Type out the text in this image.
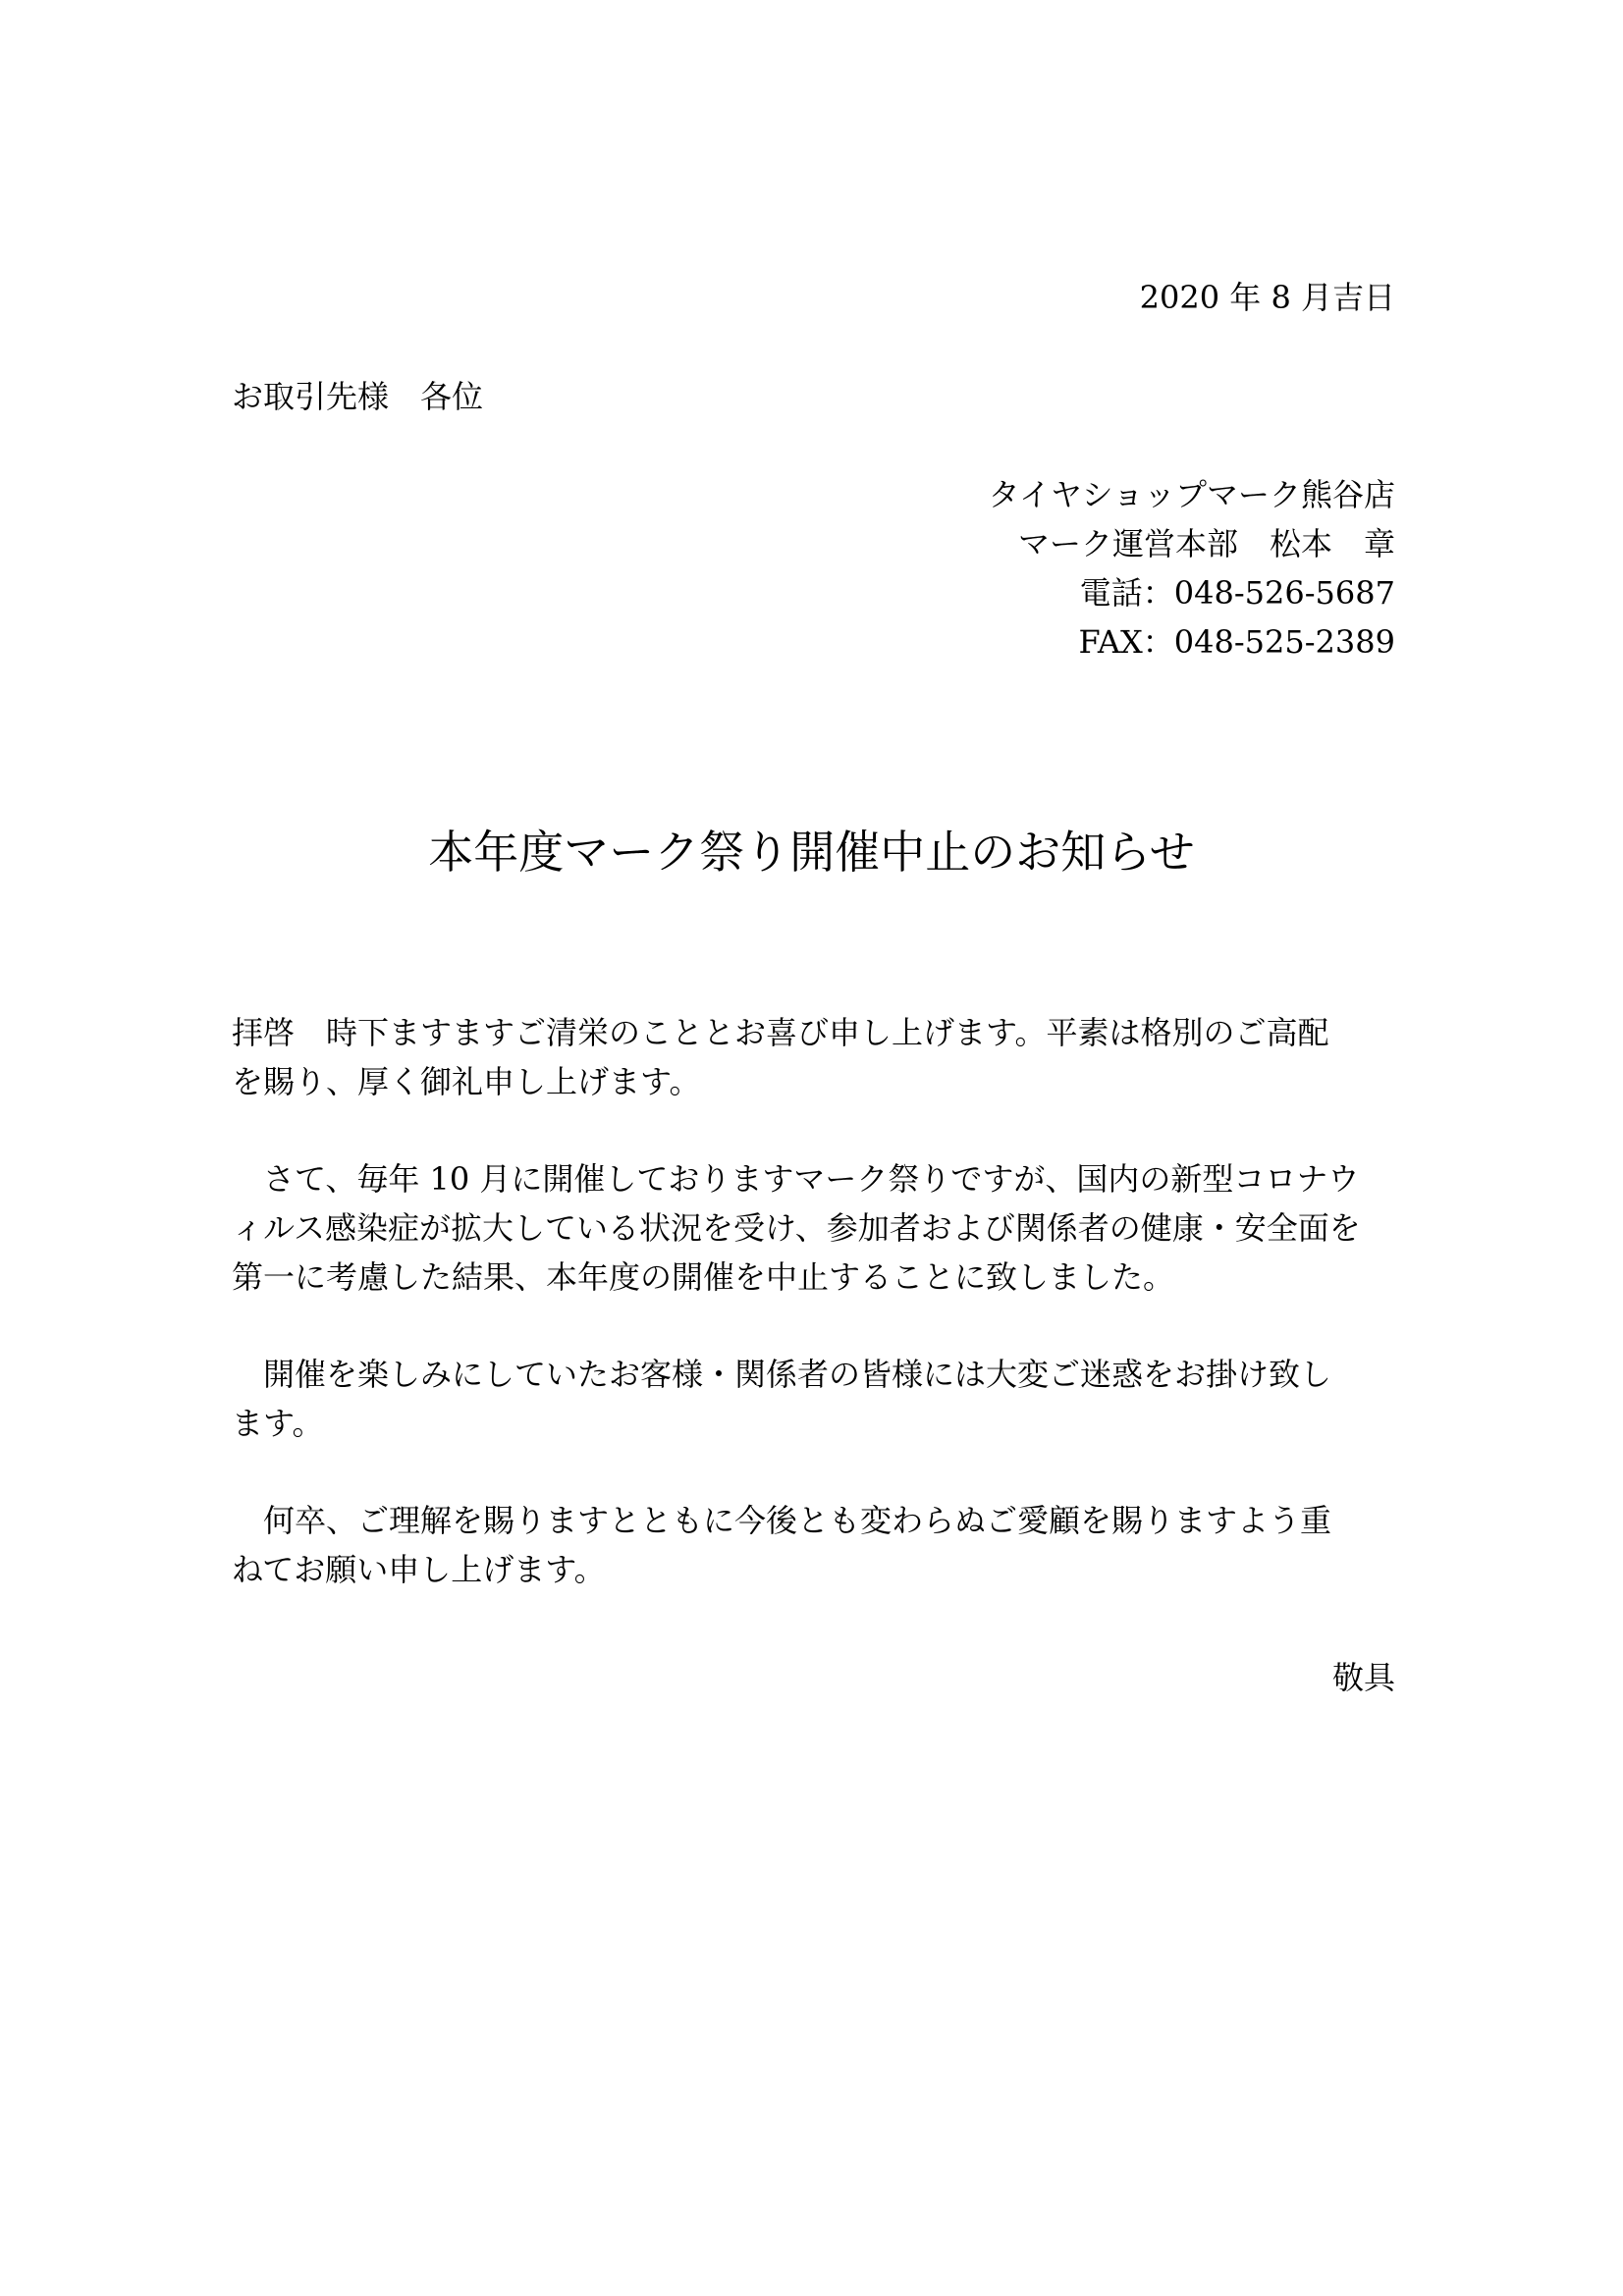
2020 年 8 月吉日
お取引先様　各位
タイヤショップマーク熊谷店
マーク運営本部　松本　章
電話：048-526-5687
FAX：048-525-2389
本年度マーク祭り開催中止のお知らせ
拝啓　時下ますますご清栄のこととお喜び申し上げます。平素は格別のご高配
を賜り、厚く御礼申し上げます。
　さて、毎年 10 月に開催しておりますマーク祭りですが、国内の新型コロナウ
ィルス感染症が拡大している状況を受け、参加者および関係者の健康・安全面を
第一に考慮した結果、本年度の開催を中止することに致しました。
　開催を楽しみにしていたお客様・関係者の皆様には大変ご迷惑をお掛け致し
ます。
　何卒、ご理解を賜りますとともに今後とも変わらぬご愛顧を賜りますよう重
ねてお願い申し上げます。
敬具
